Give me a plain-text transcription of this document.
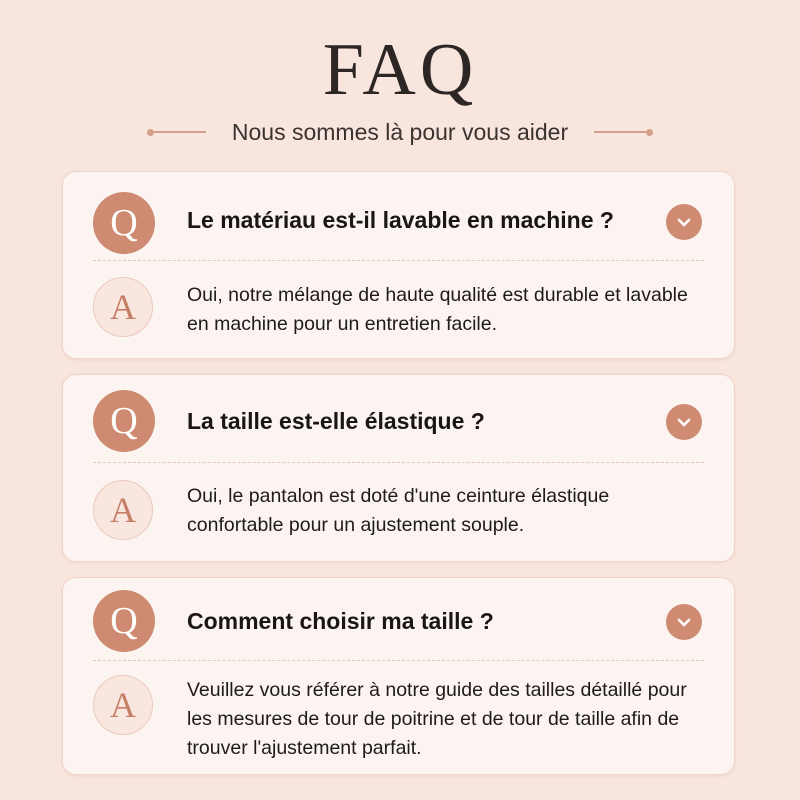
FAQ
Nous sommes là pour vous aider
Q	Le matériau est-il lavable en machine ?
A	Oui, notre mélange de haute qualité est durable et lavable en machine pour un entretien facile.
Q	La taille est-elle élastique ?
A	Oui, le pantalon est doté d'une ceinture élastique confortable pour un ajustement souple.
Q	Comment choisir ma taille ?
A	Veuillez vous référer à notre guide des tailles détaillé pour les mesures de tour de poitrine et de tour de taille afin de trouver l'ajustement parfait.
